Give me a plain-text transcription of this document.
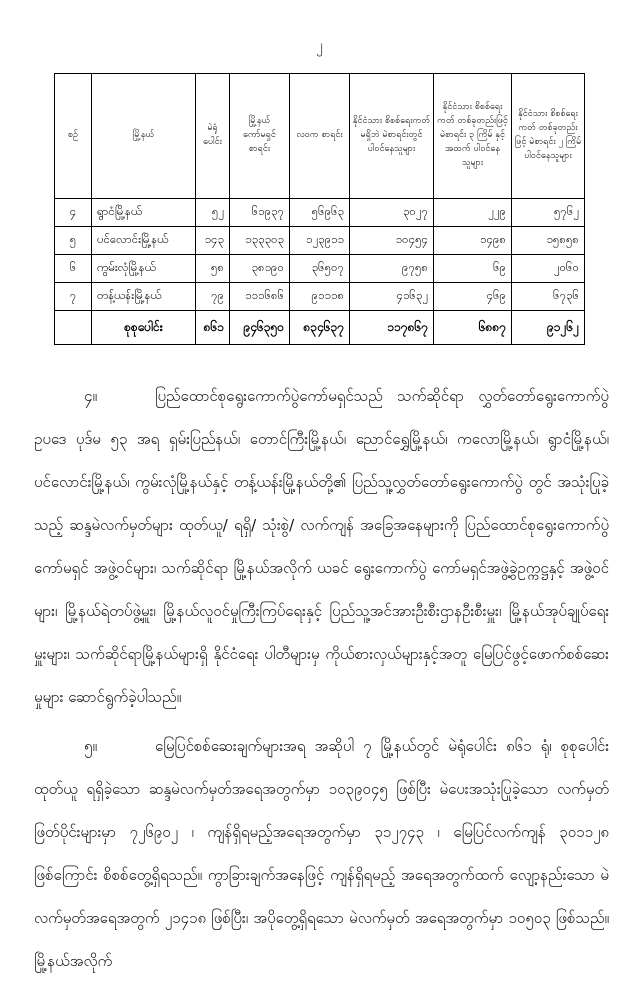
၂
စဉ်	မြို့နယ်	မဲရုံ ပေါင်း	မြို့နယ် ကော်မရှင် စာရင်း	လဝက စာရင်း	နိုင်ငံသား စိစစ်ရေးကတ် မရှိဘဲ မဲစာရင်းတွင် ပါဝင်နေသူများ	နိုင်ငံသား စိစစ်ရေးကတ် တစ်ခုတည်းဖြင့် မဲစာရင်း ၃ ကြိမ် နှင့်အထက် ပါဝင်နေသူများ	နိုင်ငံသား စိစစ်ရေးကတ် တစ်ခုတည်းဖြင့် မဲစာရင်း ၂ ကြိမ် ပါဝင်နေသူများ
၄	ရွာငံမြို့နယ်	၅၂	၆၁၉၃၇	၅၆၉၆၃	၃၀၂၇	၂၂၉	၅၇၆၂
၅	ပင်လောင်းမြို့နယ်	၁၄၃	၁၃၃၃၀၃	၁၂၃၉၁၁	၁၀၄၅၄	၁၄၉၈	၁၅၈၅၈
၆	ကွမ်းလုံမြို့နယ်	၅၈	၃၈၁၉၀	၃၆၅၀၇	၉၇၅၈	၆၉	၂၀၆၀
၇	တန့်ယန်းမြို့နယ်	၇၉	၁၁၁၆၈၆	၉၁၁၁၈	၄၁၆၃၂	၄၆၉	၆၇၃၆
	စုစုပေါင်း	၈၆၁	၉၄၆၃၅၀	၈၃၄၆၃၇	၁၁၇၈၆၇	၆၈၈၇	၉၁၂၆၂

၄။	ပြည်ထောင်စုရွေးကောက်ပွဲကော်မရှင်သည် သက်ဆိုင်ရာ လွှတ်တော်ရွေးကောက်ပွဲဥပဒေ ပုဒ်မ ၅၃ အရ ရှမ်းပြည်နယ်၊ တောင်ကြီးမြို့နယ်၊ ညောင်ရွှေမြို့နယ်၊ ကလောမြို့နယ်၊ ရွာငံမြို့နယ်၊ ပင်လောင်းမြို့နယ်၊ ကွမ်းလုံမြို့နယ်နှင့် တန့်ယန်းမြို့နယ်တို့၏ ပြည်သူ့လွှတ်တော်ရွေးကောက်ပွဲ တွင် အသုံးပြုခဲ့သည့် ဆန္ဒမဲလက်မှတ်များ ထုတ်ယူ/ ရရှိ/ သုံးစွဲ/ လက်ကျန် အခြေအနေများကို ပြည်ထောင်စုရွေးကောက်ပွဲကော်မရှင် အဖွဲ့ဝင်များ၊ သက်ဆိုင်ရာ မြို့နယ်အလိုက် ယခင် ရွေးကောက်ပွဲ ကော်မရှင်အဖွဲ့ခွဲဥက္ကဋ္ဌနှင့် အဖွဲ့ဝင်များ၊ မြို့နယ်ရဲတပ်ဖွဲ့မှူး၊ မြို့နယ်လူဝင်မှုကြီးကြပ်ရေးနှင့် ပြည်သူ့အင်အားဦးစီးဌာနဦးစီးမှူး၊ မြို့နယ်အုပ်ချုပ်ရေးမှူးများ၊ သက်ဆိုင်ရာမြို့နယ်များရှိ နိုင်ငံရေး ပါတီများမှ ကိုယ်စားလှယ်များနှင့်အတူ မြေပြင်ဖွင့်ဖောက်စစ်ဆေးမှုများ ဆောင်ရွက်ခဲ့ပါသည်။

၅။	မြေပြင်စစ်ဆေးချက်များအရ အဆိုပါ ၇ မြို့နယ်တွင် မဲရုံပေါင်း ၈၆၁ ရုံ၊ စုစုပေါင်းထုတ်ယူ ရရှိခဲ့သော ဆန္ဒမဲလက်မှတ်အရေအတွက်မှာ ၁၀၃၉၀၄၅ ဖြစ်ပြီး မဲပေးအသုံးပြုခဲ့သော လက်မှတ် ဖြတ်ပိုင်းများမှာ ၇၂၆၉၀၂ ၊ ကျန်ရှိရမည့်အရေအတွက်မှာ ၃၁၂၇၄၃ ၊ မြေပြင်လက်ကျန် ၃၀၁၁၂၈ ဖြစ်ကြောင်း စိစစ်တွေ့ရှိရသည်။ ကွာခြားချက်အနေဖြင့် ကျန်ရှိရမည့် အရေအတွက်ထက် လျော့နည်းသော မဲလက်မှတ်အရေအတွက် ၂၁၄၁၈ ဖြစ်ပြီး၊ အပိုတွေ့ရှိရသော မဲလက်မှတ် အရေအတွက်မှာ ၁၀၅၀၃ ဖြစ်သည်။ မြို့နယ်အလိုက်
